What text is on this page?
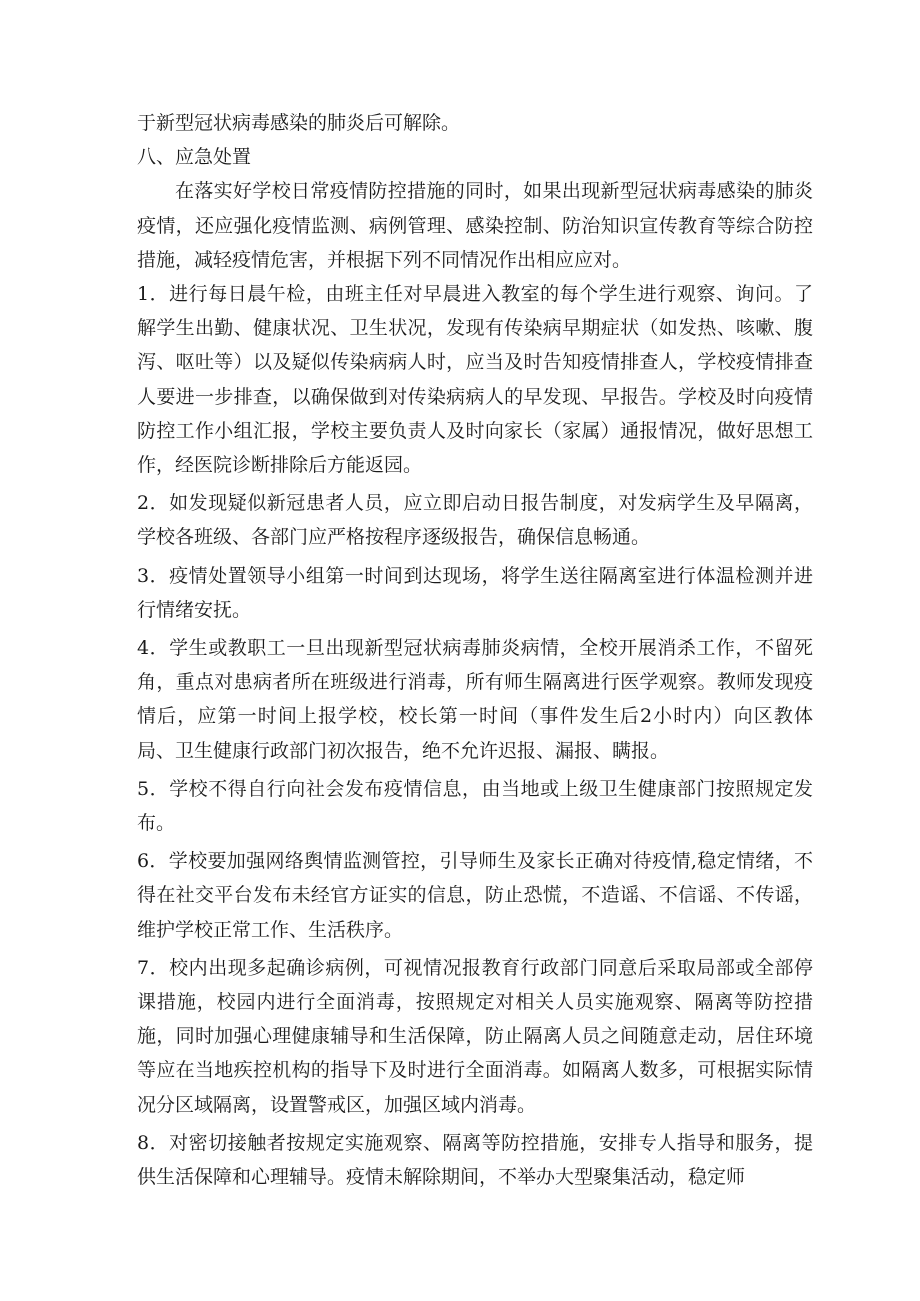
于新型冠状病毒感染的肺炎后可解除。

八、应急处置

在落实好学校日常疫情防控措施的同时，如果出现新型冠状病毒感染的肺炎疫情，还应强化疫情监测、病例管理、感染控制、防治知识宣传教育等综合防控措施，减轻疫情危害，并根据下列不同情况作出相应应对。

1．进行每日晨午检，由班主任对早晨进入教室的每个学生进行观察、询问。了解学生出勤、健康状况、卫生状况，发现有传染病早期症状（如发热、咳嗽、腹泻、呕吐等）以及疑似传染病病人时，应当及时告知疫情排查人，学校疫情排查人要进一步排查，以确保做到对传染病病人的早发现、早报告。学校及时向疫情防控工作小组汇报，学校主要负责人及时向家长（家属）通报情况，做好思想工作，经医院诊断排除后方能返园。

2．如发现疑似新冠患者人员，应立即启动日报告制度，对发病学生及早隔离，学校各班级、各部门应严格按程序逐级报告，确保信息畅通。

3．疫情处置领导小组第一时间到达现场，将学生送往隔离室进行体温检测并进行情绪安抚。

4．学生或教职工一旦出现新型冠状病毒肺炎病情，全校开展消杀工作，不留死角，重点对患病者所在班级进行消毒，所有师生隔离进行医学观察。教师发现疫情后，应第一时间上报学校，校长第一时间（事件发生后2小时内）向区教体局、卫生健康行政部门初次报告，绝不允许迟报、漏报、瞒报。

5．学校不得自行向社会发布疫情信息，由当地或上级卫生健康部门按照规定发布。

6．学校要加强网络舆情监测管控，引导师生及家长正确对待疫情,稳定情绪，不得在社交平台发布未经官方证实的信息，防止恐慌，不造谣、不信谣、不传谣，维护学校正常工作、生活秩序。

7．校内出现多起确诊病例，可视情况报教育行政部门同意后采取局部或全部停课措施，校园内进行全面消毒，按照规定对相关人员实施观察、隔离等防控措施，同时加强心理健康辅导和生活保障，防止隔离人员之间随意走动，居住环境等应在当地疾控机构的指导下及时进行全面消毒。如隔离人数多，可根据实际情况分区域隔离，设置警戒区，加强区域内消毒。

8．对密切接触者按规定实施观察、隔离等防控措施，安排专人指导和服务，提供生活保障和心理辅导。疫情未解除期间，不举办大型聚集活动，稳定师
